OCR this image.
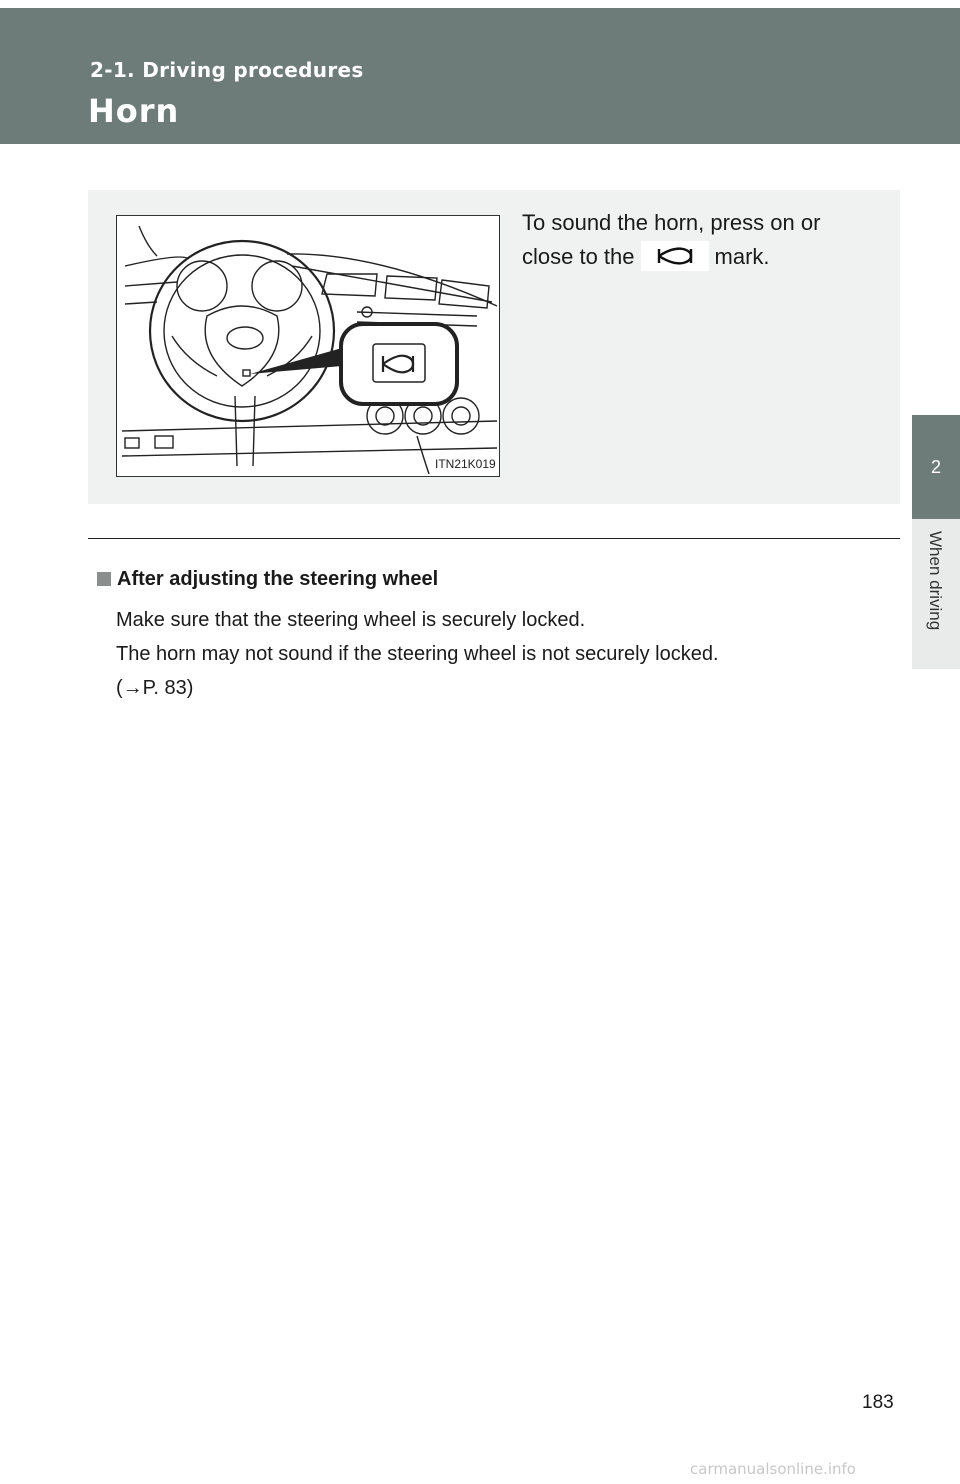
2-1. Driving procedures
Horn
2
When driving
ITN21K019
To sound the horn, press on or
close to the	mark.
After adjusting the steering wheel

Make sure that the steering wheel is securely locked.

The horn may not sound if the steering wheel is not securely locked.

(→P. 83)

183
carmanualsonline.info
